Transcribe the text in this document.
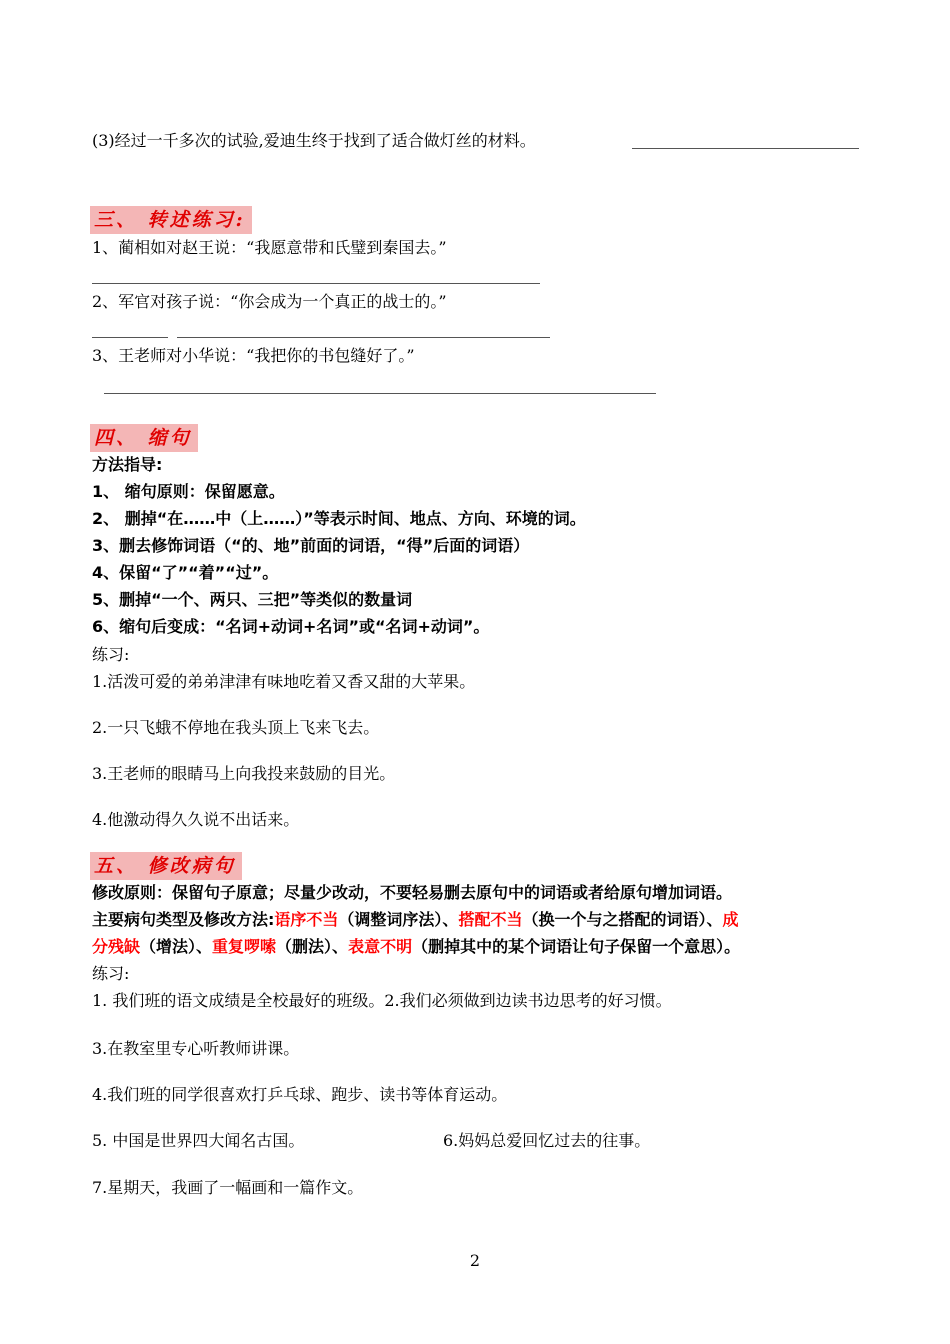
(3)经过一千多次的试验,爱迪生终于找到了适合做灯丝的材料。
三、 转述练习:
1、蔺相如对赵王说：“我愿意带和氏璧到秦国去。”
2、军官对孩子说：“你会成为一个真正的战士的。”
3、王老师对小华说：“我把你的书包缝好了。”
四、 缩句
方法指导:
1、 缩句原则：保留愿意。
2、 删掉“在……中（上……）”等表示时间、地点、方向、环境的词。
3、删去修饰词语（“的、地”前面的词语，“得”后面的词语）
4、保留“了”“着”“过”。
5、删掉“一个、两只、三把”等类似的数量词
6、缩句后变成：“名词+动词+名词”或“名词+动词”。
练习:
1.活泼可爱的弟弟津津有味地吃着又香又甜的大苹果。
2.一只飞蛾不停地在我头顶上飞来飞去。
3.王老师的眼睛马上向我投来鼓励的目光。
4.他激动得久久说不出话来。
五、 修改病句
修改原则：保留句子原意；尽量少改动，不要轻易删去原句中的词语或者给原句增加词语。
主要病句类型及修改方法:语序不当（调整词序法）、搭配不当（换一个与之搭配的词语）、成
分残缺（增法）、重复啰嗦（删法）、表意不明（删掉其中的某个词语让句子保留一个意思）。
练习:
1. 我们班的语文成绩是全校最好的班级。2.我们必须做到边读书边思考的好习惯。
3.在教室里专心听教师讲课。
4.我们班的同学很喜欢打乒乓球、跑步、读书等体育运动。
5. 中国是世界四大闻名古国。	6.妈妈总爱回忆过去的往事。
7.星期天，我画了一幅画和一篇作文。
2
